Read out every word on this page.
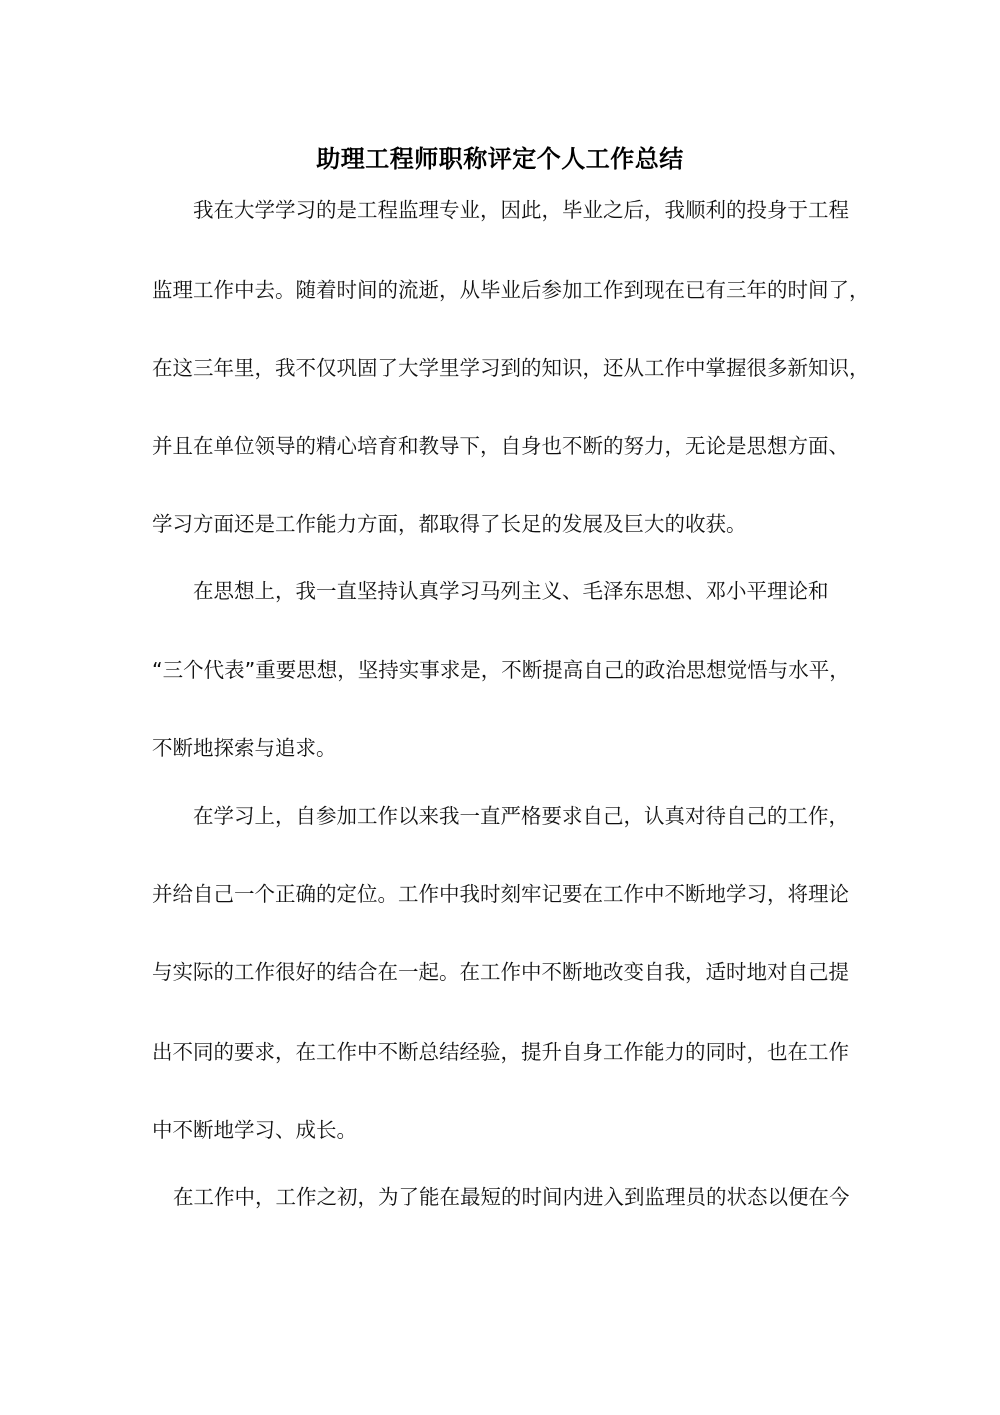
助理工程师职称评定个人工作总结
我在大学学习的是工程监理专业，因此，毕业之后，我顺利的投身于工程
监理工作中去。随着时间的流逝，从毕业后参加工作到现在已有三年的时间了，
在这三年里，我不仅巩固了大学里学习到的知识，还从工作中掌握很多新知识，
并且在单位领导的精心培育和教导下，自身也不断的努力，无论是思想方面、
学习方面还是工作能力方面，都取得了长足的发展及巨大的收获。
在思想上，我一直坚持认真学习马列主义、毛泽东思想、邓小平理论和
“三个代表”重要思想，坚持实事求是，不断提高自己的政治思想觉悟与水平，
不断地探索与追求。
在学习上，自参加工作以来我一直严格要求自己，认真对待自己的工作，
并给自己一个正确的定位。工作中我时刻牢记要在工作中不断地学习，将理论
与实际的工作很好的结合在一起。在工作中不断地改变自我，适时地对自己提
出不同的要求，在工作中不断总结经验，提升自身工作能力的同时，也在工作
中不断地学习、成长。
在工作中，工作之初，为了能在最短的时间内进入到监理员的状态以便在今
